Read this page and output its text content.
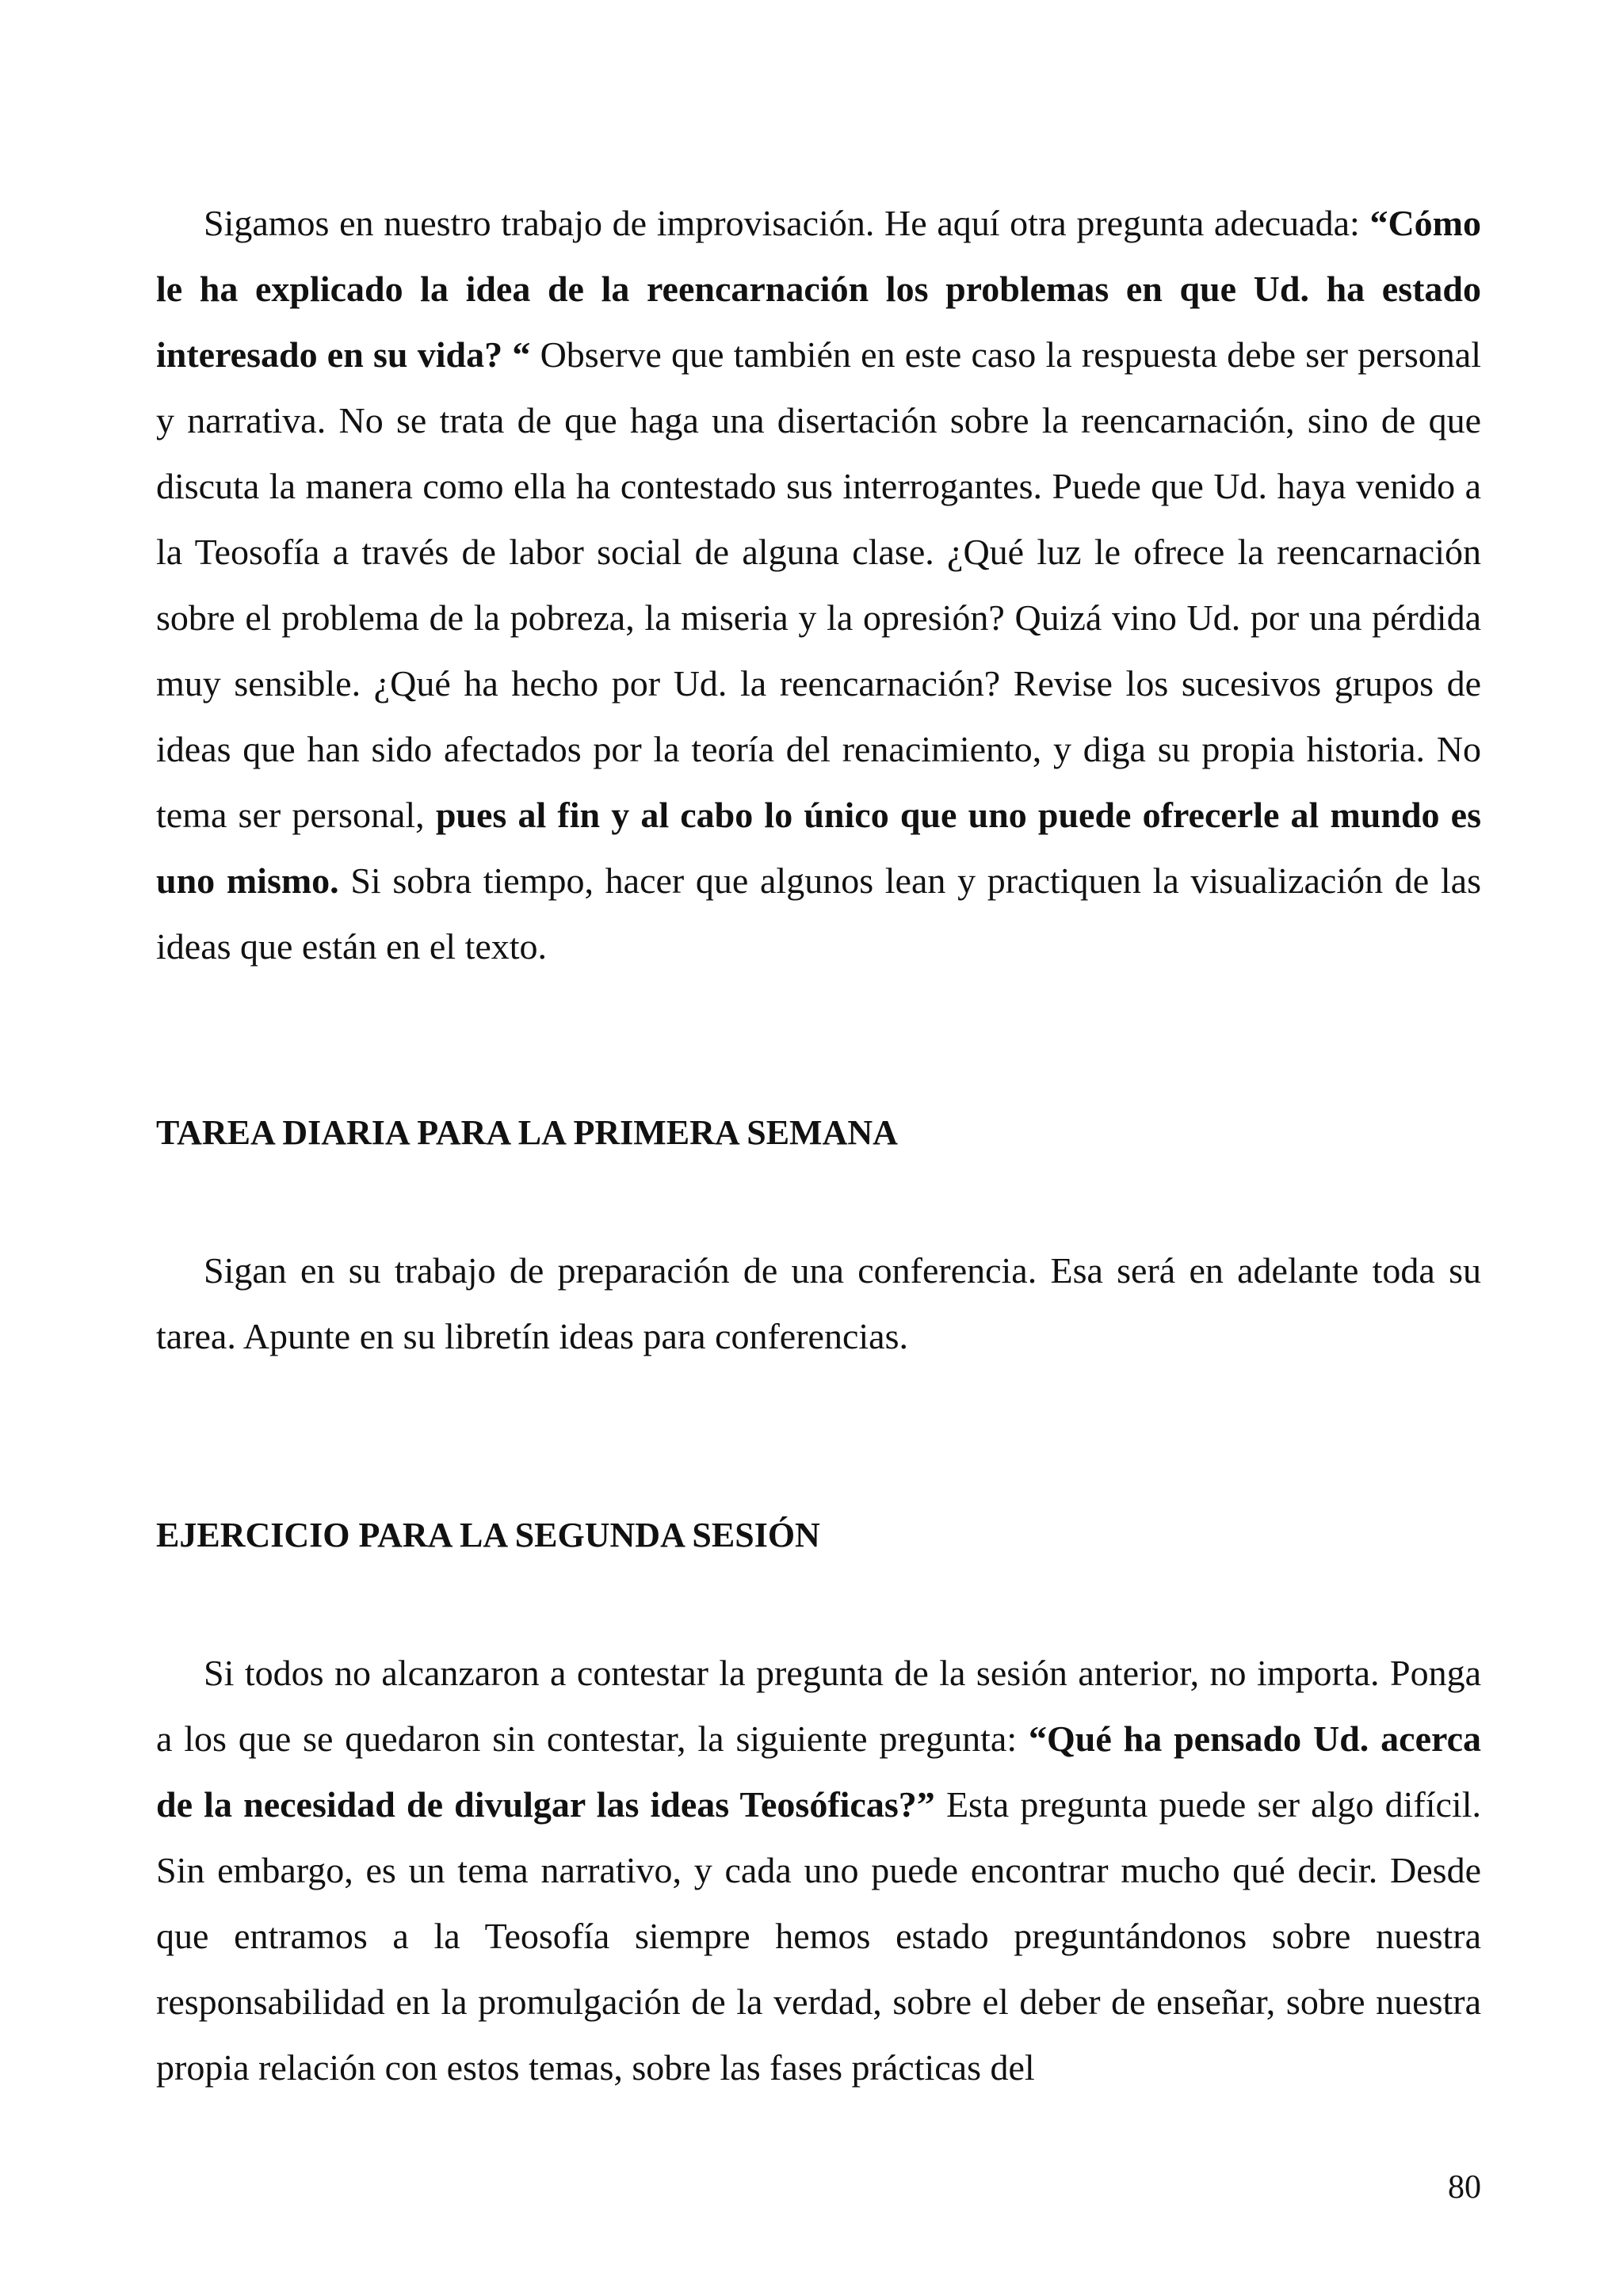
Sigamos en nuestro trabajo de improvisación. He aquí otra pregunta adecuada: “Cómo le ha explicado la idea de la reencarnación los problemas en que Ud. ha estado interesado en su vida? “ Observe que también en este caso la respuesta debe ser personal y narrativa. No se trata de que haga una disertación sobre la reencarnación, sino de que discuta la manera como ella ha contestado sus interrogantes. Puede que Ud. haya venido a la Teosofía a través de labor social de alguna clase. ¿Qué luz le ofrece la reencarnación sobre el problema de la pobreza, la miseria y la opresión? Quizá vino Ud. por una pérdida muy sensible. ¿Qué ha hecho por Ud. la reencarnación? Revise los sucesivos grupos de ideas que han sido afectados por la teoría del renacimiento, y diga su propia historia. No tema ser personal, pues al fin y al cabo lo único que uno puede ofrecerle al mundo es uno mismo. Si sobra tiempo, hacer que algunos lean y practiquen la visualización de las ideas que están en el texto.

TAREA DIARIA PARA LA PRIMERA SEMANA

Sigan en su trabajo de preparación de una conferencia. Esa será en adelante toda su tarea. Apunte en su libretín ideas para conferencias.

EJERCICIO PARA LA SEGUNDA SESIÓN

Si todos no alcanzaron a contestar la pregunta de la sesión anterior, no importa. Ponga a los que se quedaron sin contestar, la siguiente pregunta: “Qué ha pensado Ud. acerca de la necesidad de divulgar las ideas Teosóficas?” Esta pregunta puede ser algo difícil. Sin embargo, es un tema narrativo, y cada uno puede encontrar mucho qué decir. Desde que entramos a la Teosofía siempre hemos estado preguntándonos sobre nuestra responsabilidad en la promulgación de la verdad, sobre el deber de enseñar, sobre nuestra propia relación con estos temas, sobre las fases prácticas del

80
